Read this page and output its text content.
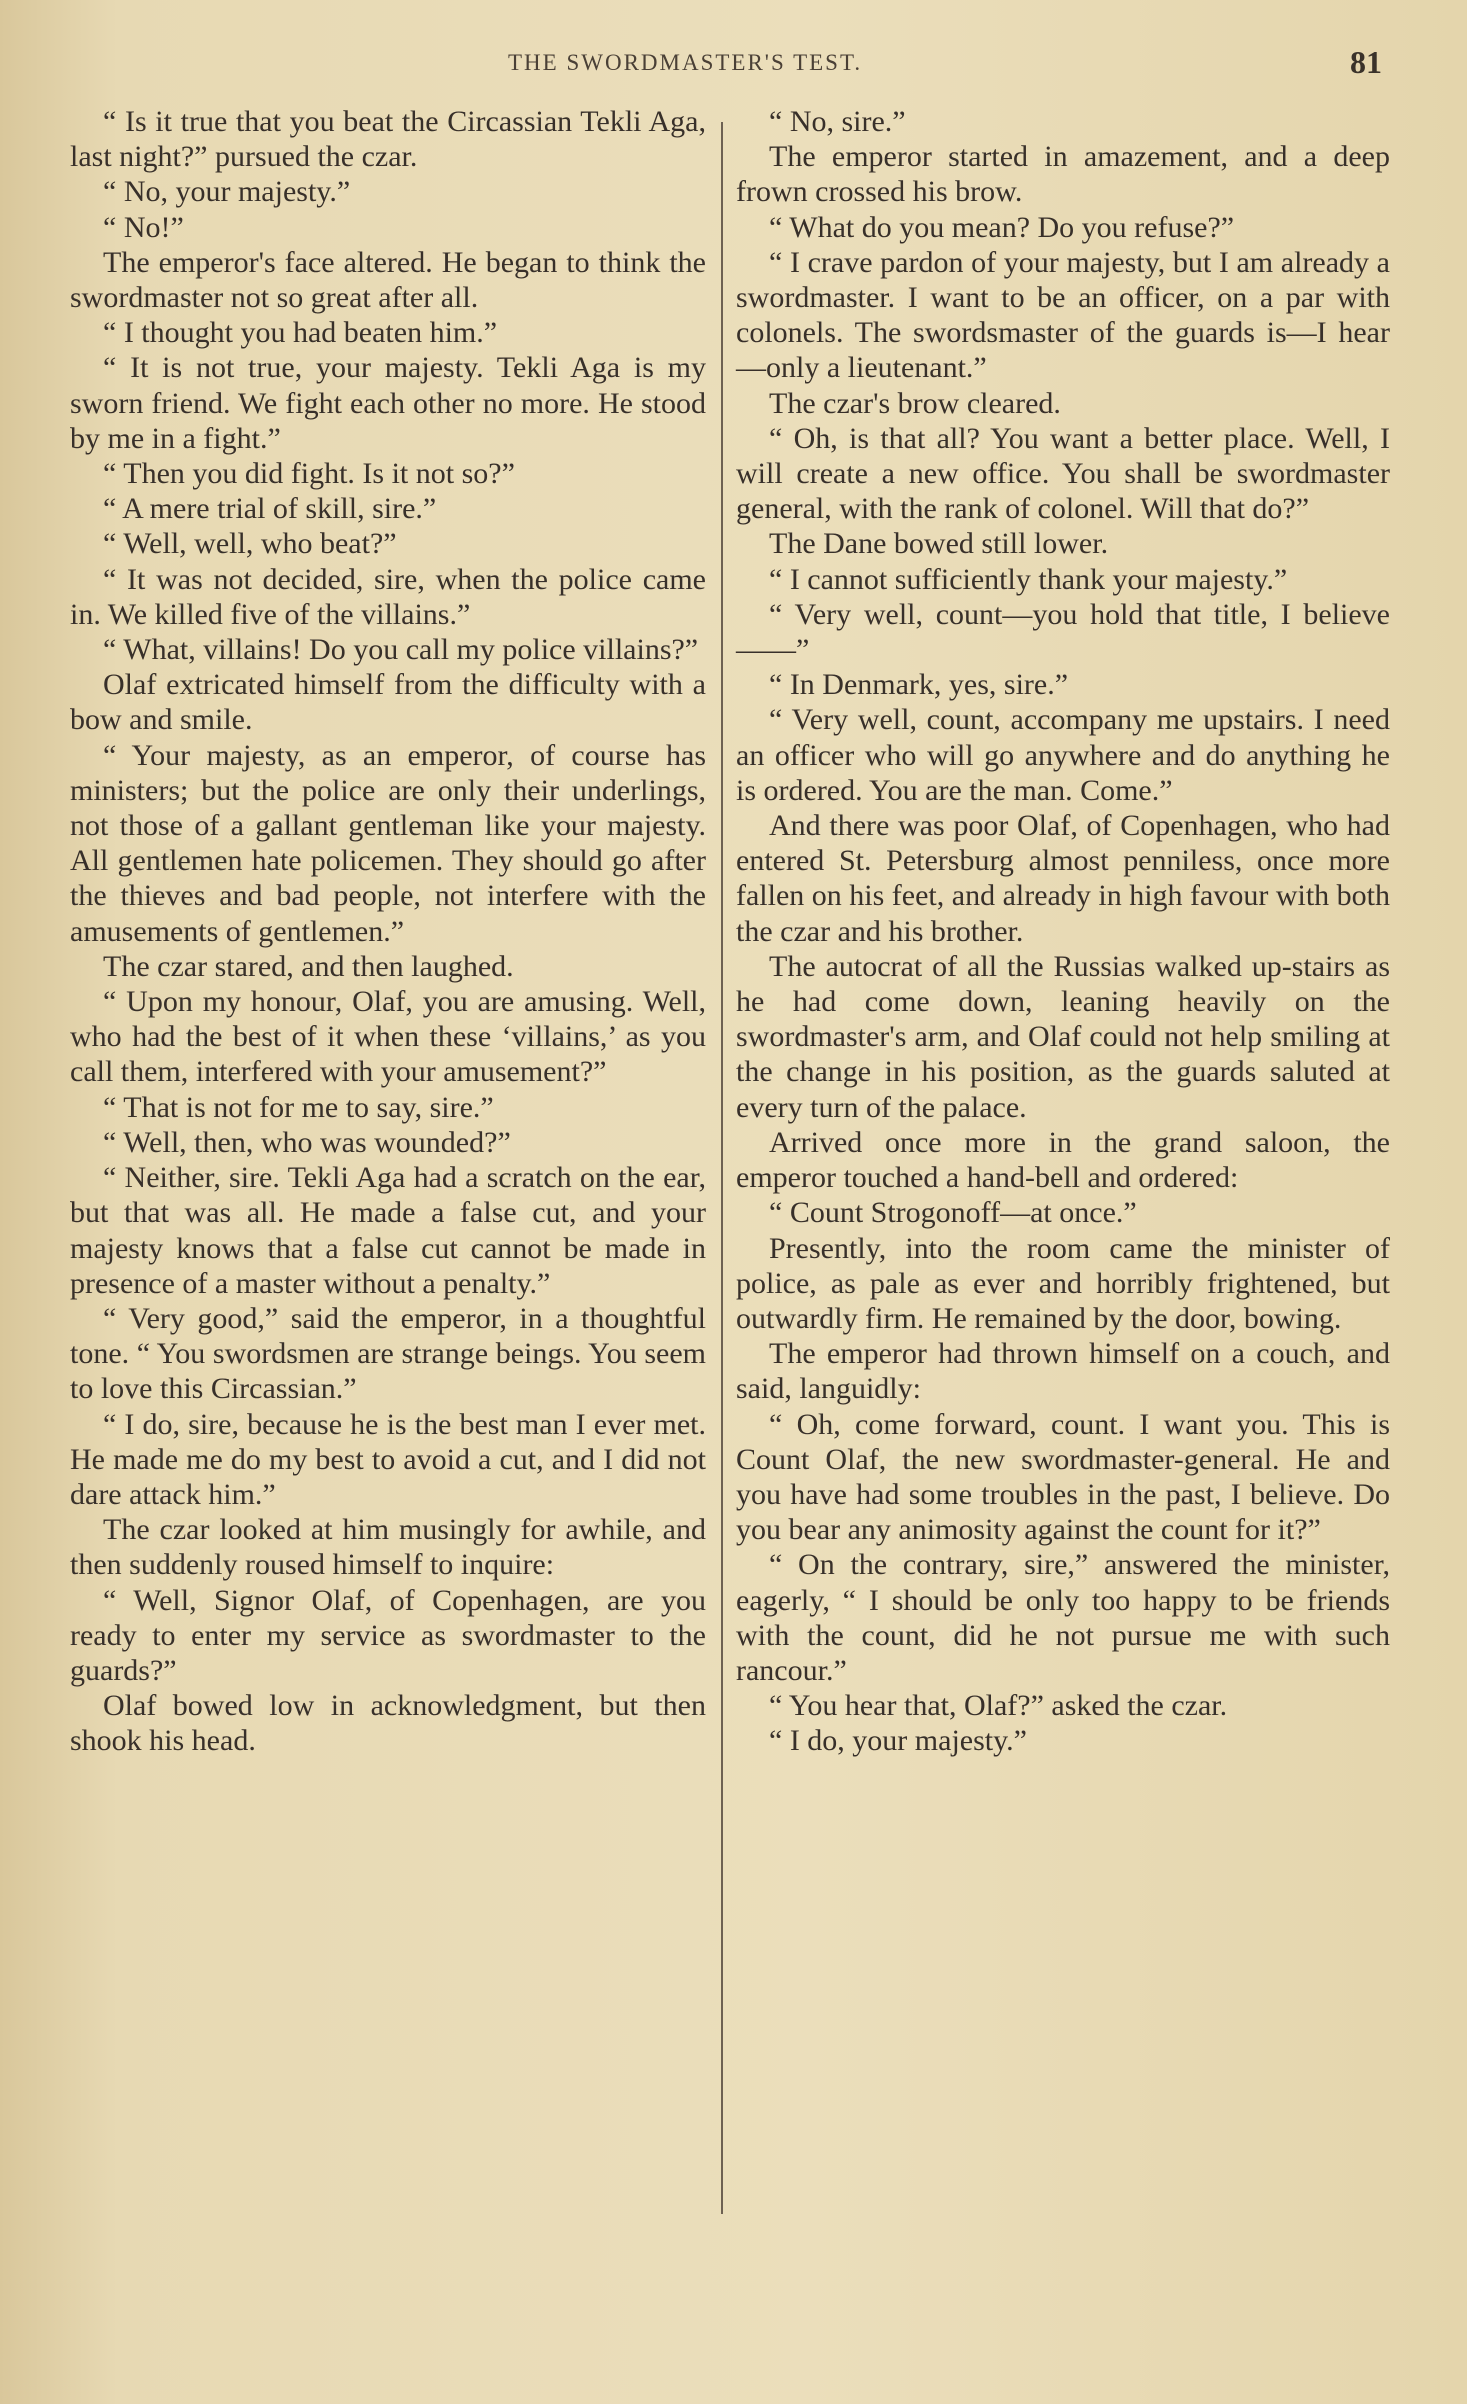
THE SWORDMASTER'S TEST.	81

“ Is it true that you beat the Circassian Tekli Aga, last night?” pursued the czar.

“ No, your majesty.”

“ No!”

The emperor's face altered. He began to think the swordmaster not so great after all.

“ I thought you had beaten him.”

“ It is not true, your majesty. Tekli Aga is my sworn friend. We fight each other no more. He stood by me in a fight.”

“ Then you did fight. Is it not so?”

“ A mere trial of skill, sire.”

“ Well, well, who beat?”

“ It was not decided, sire, when the police came in. We killed five of the villains.”

“ What, villains! Do you call my police villains?”

Olaf extricated himself from the difficulty with a bow and smile.

“ Your majesty, as an emperor, of course has ministers; but the police are only their underlings, not those of a gallant gentleman like your majesty. All gentlemen hate policemen. They should go after the thieves and bad people, not interfere with the amusements of gentlemen.”

The czar stared, and then laughed.

“ Upon my honour, Olaf, you are amusing. Well, who had the best of it when these ‘villains,’ as you call them, interfered with your amusement?”

“ That is not for me to say, sire.”

“ Well, then, who was wounded?”

“ Neither, sire. Tekli Aga had a scratch on the ear, but that was all. He made a false cut, and your majesty knows that a false cut cannot be made in presence of a master without a penalty.”

“ Very good,” said the emperor, in a thoughtful tone. “ You swordsmen are strange beings. You seem to love this Circassian.”

“ I do, sire, because he is the best man I ever met. He made me do my best to avoid a cut, and I did not dare attack him.”

The czar looked at him musingly for awhile, and then suddenly roused himself to inquire:

“ Well, Signor Olaf, of Copenhagen, are you ready to enter my service as swordmaster to the guards?”

Olaf bowed low in acknowledgment, but then shook his head.

“ No, sire.”

The emperor started in amazement, and a deep frown crossed his brow.

“ What do you mean? Do you refuse?”

“ I crave pardon of your majesty, but I am already a swordmaster. I want to be an officer, on a par with colonels. The swordsmaster of the guards is—I hear—only a lieutenant.”

The czar's brow cleared.

“ Oh, is that all? You want a better place. Well, I will create a new office. You shall be swordmaster general, with the rank of colonel. Will that do?”

The Dane bowed still lower.

“ I cannot sufficiently thank your majesty.”

“ Very well, count—you hold that title, I believe——”

“ In Denmark, yes, sire.”

“ Very well, count, accompany me upstairs. I need an officer who will go anywhere and do anything he is ordered. You are the man. Come.”

And there was poor Olaf, of Copenhagen, who had entered St. Petersburg almost penniless, once more fallen on his feet, and already in high favour with both the czar and his brother.

The autocrat of all the Russias walked up-stairs as he had come down, leaning heavily on the swordmaster's arm, and Olaf could not help smiling at the change in his position, as the guards saluted at every turn of the palace.

Arrived once more in the grand saloon, the emperor touched a hand-bell and ordered:

“ Count Strogonoff—at once.”

Presently, into the room came the minister of police, as pale as ever and horribly frightened, but outwardly firm. He remained by the door, bowing.

The emperor had thrown himself on a couch, and said, languidly:

“ Oh, come forward, count. I want you. This is Count Olaf, the new swordmaster-general. He and you have had some troubles in the past, I believe. Do you bear any animosity against the count for it?”

“ On the contrary, sire,” answered the minister, eagerly, “ I should be only too happy to be friends with the count, did he not pursue me with such rancour.”

“ You hear that, Olaf?” asked the czar.

“ I do, your majesty.”
